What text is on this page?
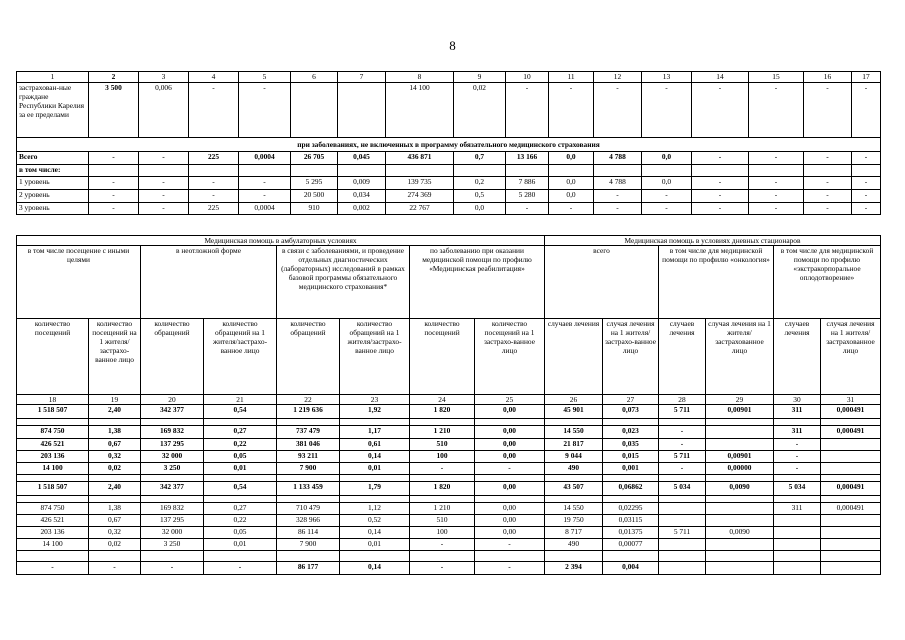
8
1	2	3	4	5	6	7	8	9	10	11	12	13	14	15	16	17
застрахован-ные гражданe Республики Карелия за ее пределами	3 500	0,006	-	-			14 100	0,02	-	-	-	-	-	-	-	-
при заболеваниях, не включенных в программу обязательного медицинского страхования																
Всего	-	-	225	0,0004	26 705	0,045	436 871	0,7	13 166	0,0	4 788	0,0	-	-	-	-
в том числе:																
1 уровень	-	-	-	-	5 295	0,009	139 735	0,2	7 886	0,0	4 788	0,0	-	-	-	-
2 уровень	-	-	-	-	20 500	0,034	274 369	0,5	5 280	0,0	-	-	-	-	-	-
3 уровень	-	-	225	0,0004	910	0,002	22 767	0,0	-	-	-	-	-	-	-	-
Медицинская помощь в амбулаторных условиях								Медицинская помощь в условиях дневных стационаров					
в том числе посещение с иными целями		в неотложной форме		в связи с заболеваниями, и проведение отдельных диагностических (лабораторных) исследований в рамках базовой программы обязательного медицинского страхования*		по заболеванию при оказании медицинской помощи по профилю «Медицинская реабилитация»		всего		в том числе для медицинской помощи по профилю «онкология»		в том числе для медицинской помощи по профилю «экстракорпоральное оплодотворение»	
количество посещений	количество посещений на 1 жителя/ застрахо-ванное лицо	количество обращений	количество обращений на 1 жителя/застрахо-ванное лицо	количество обращений	количество обращений на 1 жителя/застрахо-ванное лицо	количество посещений	количество посещений на 1 застрахо-ванное лицо	случаев лечения	случая лечения на 1 жителя/ застрахо-ванное лицо	случаев лечения	случая лечения на 1 жителя/ застрахованное лицо	случаев лечения	случая лечения на 1 жителя/ застрахованное лицо
18	19	20	21	22	23	24	25	26	27	28	29	30	31
1 518 507	2,40	342 377	0,54	1 219 636	1,92	1 820	0,00	45 901	0,073	5 711	0,00901	311	0,000491

874 750	1,38	169 832	0,27	737 479	1,17	1 210	0,00	14 550	0,023	-		311	0,000491
426 521	0,67	137 295	0,22	381 046	0,61	510	0,00	21 817	0,035	-		-	
203 136	0,32	32 000	0,05	93 211	0,14	100	0,00	9 044	0,015	5 711	0,00901	-	
14 100	0,02	3 250	0,01	7 900	0,01	-	-	490	0,001	-	0,00000	-	

1 518 507	2,40	342 377	0,54	1 133 459	1,79	1 820	0,00	43 507	0,06862	5 034	0,0090	5 034	0,000491

874 750	1,38	169 832	0,27	710 479	1,12	1 210	0,00	14 550	0,02295			311	0,000491
426 521	0,67	137 295	0,22	328 966	0,52	510	0,00	19 750	0,03115				
203 136	0,32	32 000	0,05	86 114	0,14	100	0,00	8 717	0,01375	5 711	0,0090		
14 100	0,02	3 250	0,01	7 900	0,01	-	-	490	0,00077				

-	-	-	-	86 177	0,14	-	-	2 394	0,004				
